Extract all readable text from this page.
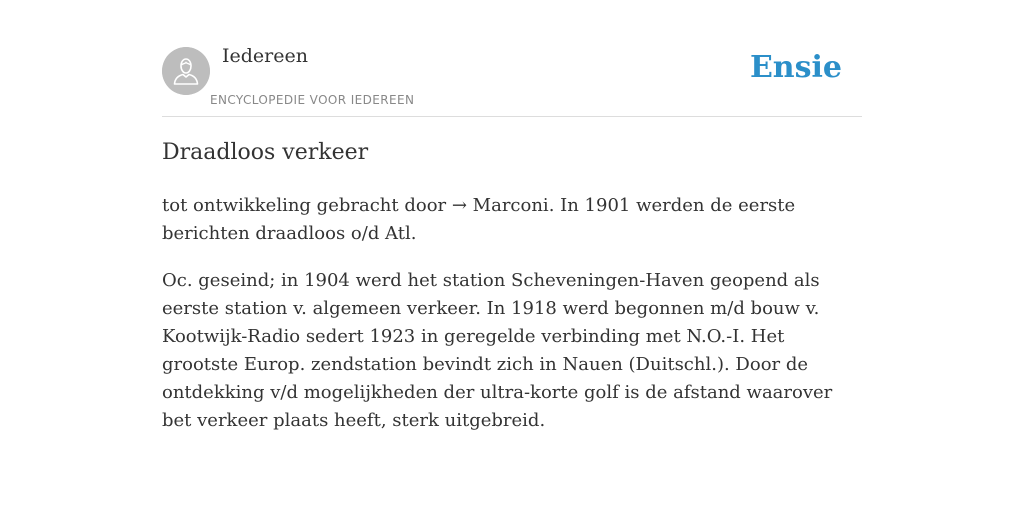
Iedereen
ENCYCLOPEDIE VOOR IEDEREEN
Ensie
Draadloos verkeer

tot ontwikkeling gebracht door → Marconi. In 1901 werden de eerste berichten draadloos o/d Atl.

Oc. geseind; in 1904 werd het station Scheveningen-Haven geopend als eerste station v. algemeen verkeer. In 1918 werd begonnen m/d bouw v. Kootwijk-Radio sedert 1923 in geregelde verbinding met N.O.-I. Het grootste Europ. zendstation bevindt zich in Nauen (Duitschl.). Door de ontdekking v/d mogelijkheden der ultra-korte golf is de afstand waarover bet verkeer plaats heeft, sterk uitgebreid.
